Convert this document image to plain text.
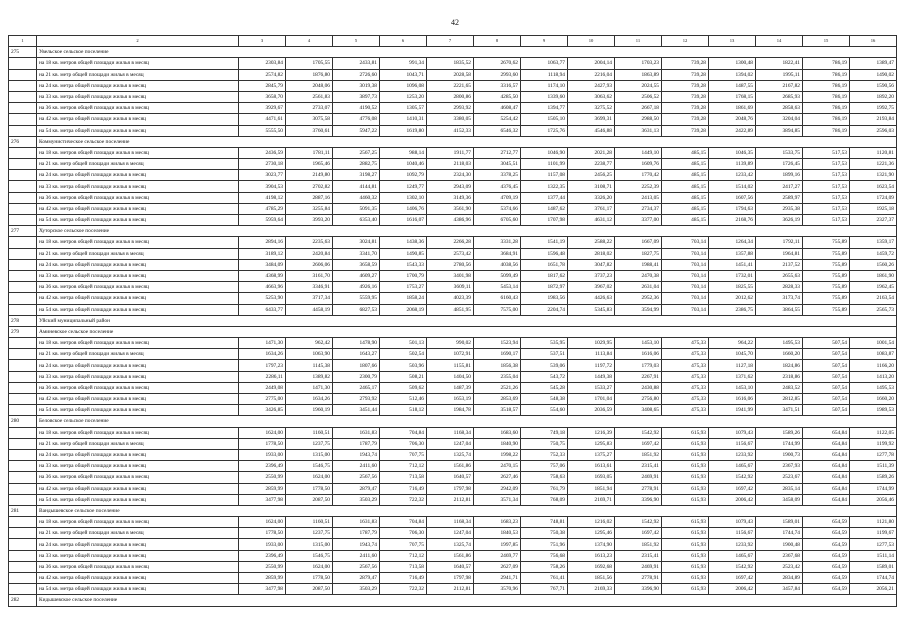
42
1	2	3	4	5	6	7	8	9	10	11	12	13	14	15	16
275	Увельское сельское поселение														
	на 18 кв. метров общей площади жилья в месяц	2303,84	1705,55	2433,81	991,34	1835,52	2670,62	1063,77	2004,14	1703,23	739,28	1300,48	1822,41	786,19	1389,47
	на 21 кв. метр общей площади жилья в месяц	2574,82	1876,80	2726,60	1043,71	2028,58	2993,60	1118,94	2216,04	1863,89	739,28	1394,02	1995,11	786,19	1490,02
	на 24 кв. метра общей площади жилья в месяц	2845,79	2048,06	3019,38	1096,08	2221,65	3316,57	1174,10	2427,93	2024,55	739,28	1487,55	2167,82	786,19	1590,56
	на 33 кв. метра общей площади жилья в месяц	3658,70	2561,83	3897,73	1253,20	2800,86	4285,50	1339,60	3063,62	2506,52	739,28	1768,15	2685,93	786,19	1892,20
	на 36 кв. метров общей площади жилья в месяц	3929,67	2733,07	4190,52	1305,57	2993,92	4608,47	1394,77	3275,52	2667,18	739,28	1861,69	2858,63	786,19	1992,75
	на 42 кв. метра общей площади жилья в месяц	4471,61	3075,58	4776,08	1410,31	3380,05	5254,42	1505,10	3699,31	2988,50	739,28	2048,76	3204,04	786,19	2193,84
	на 54 кв. метра общей площади жилья в месяц	5555,50	3760,61	5947,22	1619,80	4152,33	6546,32	1725,76	4546,88	3631,13	739,28	2422,89	3894,85	786,19	2596,03
276	Коммунистическое сельское поселение														
	на 18 кв. метров общей площади жилья в месяц	2436,59	1781,11	2567,25	988,14	1911,77	2712,77	1046,90	2021,28	1449,10	485,15	1046,35	1533,75	517,53	1120,81
	на 21 кв. метр общей площади жилья в месяц	2730,18	1965,46	2882,75	1040,46	2118,03	3045,51	1101,99	2238,77	1609,76	485,15	1139,89	1726,45	517,53	1221,36
	на 24 кв. метра общей площади жилья в месяц	3023,77	2149,80	3198,27	1092,79	2324,30	3378,25	1157,08	2456,25	1770,42	485,15	1233,42	1899,16	517,53	1321,90
	на 33 кв. метра общей площади жилья в месяц	3904,53	2702,82	4144,81	1249,77	2943,09	4376,45	1322,35	3108,71	2252,39	485,15	1514,02	2417,27	517,53	1623,54
	на 36 кв. метров общей площади жилья в месяц	4198,12	2887,16	4460,32	1302,10	3149,36	4709,19	1377,44	3326,20	2413,05	485,15	1607,56	2589,97	517,53	1724,09
	на 42 кв. метра общей площади жилья в месяц	4785,29	3255,84	5091,35	1406,76	3561,90	5374,66	1487,62	3761,17	2734,37	485,15	1794,63	2935,38	517,53	1925,18
	на 54 кв. метра общей площади жилья в месяц	5959,64	3993,20	6353,40	1616,07	4386,96	6705,60	1707,98	4631,12	3377,00	485,15	2168,76	3626,19	517,53	2327,37
277	Хуторское сельское поселение														
	на 18 кв. метров общей площади жилья в месяц	2894,16	2235,63	3024,81	1438,36	2266,28	3331,28	1541,19	2588,22	1667,09	703,14	1264,34	1792,11	755,89	1359,17
	на 21 кв. метр общей площади жилья в месяц	3189,12	2420,84	3341,70	1490,85	2573,42	3684,91	1596,48	2818,02	1827,75	703,14	1357,88	1964,81	755,89	1459,72
	на 24 кв. метра общей площади жилья в месяц	3484,09	2606,06	3658,59	1543,33	2780,56	4038,56	1651,78	3047,82	1988,41	703,14	1451,41	2137,52	755,89	1560,26
	на 33 кв. метра общей площади жилья в месяц	4368,99	3161,70	4609,27	1700,79	3401,98	5099,49	1817,62	3737,23	2470,38	703,14	1732,01	2655,63	755,89	1861,90
	на 36 кв. метров общей площади жилья в месяц	4663,96	3346,91	4926,16	1753,27	3609,11	5453,14	1872,97	3967,02	2631,04	703,14	1825,55	2828,33	755,89	1962,45
	на 42 кв. метра общей площади жилья в месяц	5253,90	3717,34	5559,95	1858,24	4023,39	6160,43	1983,56	4426,63	2952,36	703,14	2012,62	3173,74	755,89	2163,54
	на 54 кв. метра общей площади жилья в месяц	6433,77	4458,19	6827,53	2068,19	4851,95	7575,00	2204,74	5345,83	3594,99	703,14	2386,75	3864,55	755,89	2565,73
278	Уйский муниципальный район														
279	Аминевское сельское поселение														
	на 18 кв. метров общей площади жилья в месяц	1471,30	962,42	1478,90	501,13	990,02	1523,94	535,95	1029,95	1453,10	475,33	964,22	1495,53	507,54	1001,54
	на 21 кв. метр общей площади жилья в месяц	1634,26	1063,90	1643,27	502,54	1072,91	1690,17	537,51	1113,84	1616,06	475,33	1045,70	1660,20	507,54	1083,87
	на 24 кв. метра общей площади жилья в месяц	1797,23	1145,38	1807,66	503,96	1155,81	1856,38	539,06	1197,72	1779,03	475,33	1127,18	1824,86	507,54	1166,20
	на 33 кв. метра общей площади жилья в месяц	2286,11	1389,82	2300,79	508,21	1404,50	2355,04	543,72	1449,38	2267,91	475,33	1371,62	2318,86	507,54	1413,20
	на 36 кв. метров общей площади жилья в месяц	2449,08	1471,30	2465,17	509,62	1487,39	2521,26	545,28	1533,27	2430,88	475,33	1453,10	2483,52	507,54	1495,53
	на 42 кв. метра общей площади жилья в месяц	2775,00	1634,26	2793,92	512,46	1653,19	2853,69	548,38	1701,04	2756,80	475,33	1616,06	2812,85	507,54	1660,20
	на 54 кв. метра общей площади жилья в месяц	3426,85	1960,19	3451,44	518,12	1984,78	3518,57	554,60	2036,59	3408,65	475,33	1941,99	3471,51	507,54	1989,53
280	Беловское сельское поселение														
	на 18 кв. метров общей площади жилья в месяц	1624,00	1160,51	1631,83	704,84	1168,34	1683,60	749,18	1216,39	1542,92	615,93	1079,43	1589,26	654,84	1122,05
	на 21 кв. метр общей площади жилья в месяц	1778,50	1237,75	1787,79	706,30	1247,04	1840,90	750,75	1295,83	1697,42	615,93	1156,67	1744,99	654,84	1199,92
	на 24 кв. метра общей площади жилья в месяц	1933,00	1315,00	1943,74	707,75	1325,74	1998,22	752,33	1375,27	1851,92	615,93	1233,92	1900,73	654,84	1277,78
	на 33 кв. метра общей площади жилья в месяц	2396,49	1546,75	2411,60	712,12	1561,86	2470,15	757,06	1613,61	2315,41	615,93	1465,67	2367,93	654,84	1511,39
	на 36 кв. метров общей площади жилья в месяц	2550,99	1624,00	2567,56	713,58	1640,57	2627,46	758,63	1693,05	2469,91	615,93	1542,92	2523,67	654,84	1589,26
	на 42 кв. метра общей площади жилья в месяц	2859,99	1778,50	2879,47	716,49	1797,98	2942,09	761,79	1851,94	2778,91	615,93	1697,42	2835,14	654,84	1744,99
	на 54 кв. метра общей площади жилья в месяц	3477,98	2087,50	3503,29	722,32	2112,81	3571,34	768,09	2169,71	3396,90	615,93	2006,42	3458,09	654,84	2056,46
281	Вандышевское сельское поселение														
	на 18 кв. метров общей площади жилья в месяц	1624,00	1160,51	1631,83	704,84	1168,34	1683,23	748,81	1216,02	1542,92	615,93	1079,43	1589,01	654,59	1121,80
	на 21 кв. метр общей площади жилья в месяц	1778,50	1237,75	1787,79	706,30	1247,04	1840,53	750,38	1295,46	1697,42	615,93	1156,67	1744,74	654,59	1199,67
	на 24 кв. метра общей площади жилья в месяц	1933,00	1315,00	1943,74	707,75	1325,74	1997,85	751,96	1374,90	1851,92	615,93	1233,92	1900,48	654,59	1277,53
	на 33 кв. метра общей площади жилья в месяц	2396,49	1546,75	2411,60	712,12	1561,86	2469,77	756,68	1613,23	2315,41	615,93	1465,67	2367,68	654,59	1511,14
	на 36 кв. метров общей площади жилья в месяц	2550,99	1624,00	2567,56	713,58	1640,57	2627,09	758,26	1692,68	2469,91	615,93	1542,92	2523,42	654,59	1589,01
	на 42 кв. метра общей площади жилья в месяц	2859,99	1778,50	2879,47	716,49	1797,98	2941,71	761,41	1851,56	2778,91	615,93	1697,42	2834,89	654,59	1744,74
	на 54 кв. метра общей площади жилья в месяц	3477,98	2087,50	3503,29	722,32	2112,81	3570,96	767,71	2169,33	3396,90	615,93	2006,42	3457,84	654,59	2056,21
282	Кидышевское сельское поселение														
